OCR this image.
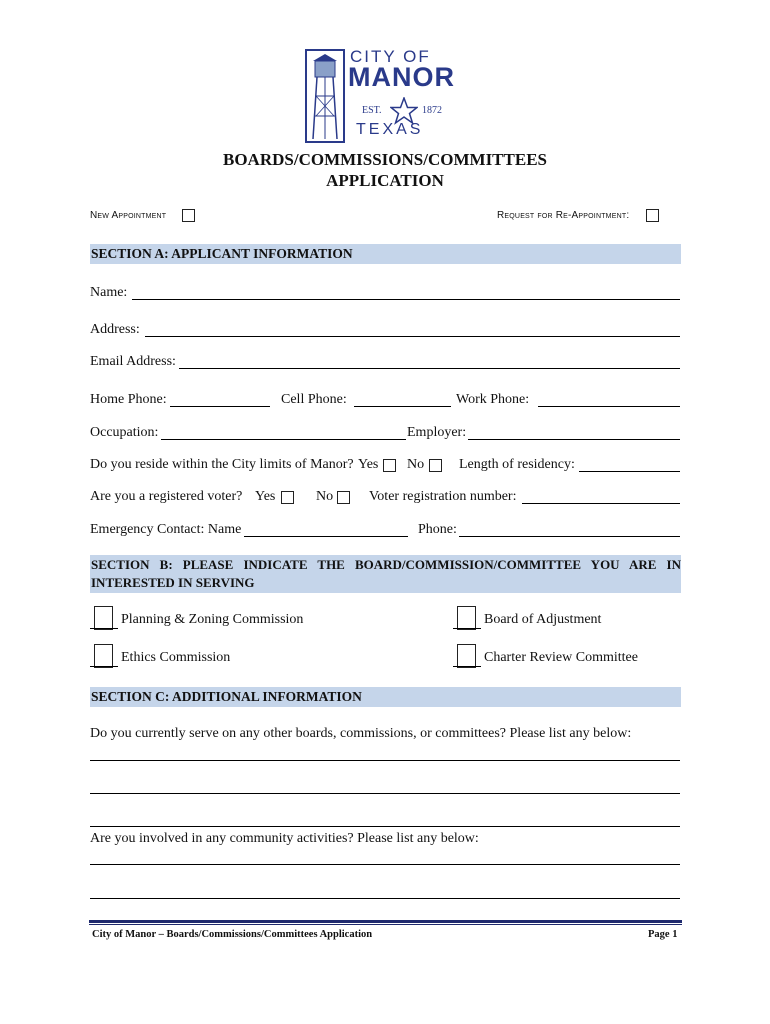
CITY OF
MANOR
EST.	1872
TEXAS
BOARDS/COMMISSIONS/COMMITTEES
APPLICATION
New Appointment	Request for Re-Appointment:
SECTION A: APPLICANT INFORMATION
Name:
Address:
Email Address:
Home Phone:	Cell Phone:	Work Phone:
Occupation:	Employer:
Do you reside within the City limits of Manor? Yes No Length of residency:
Are you a registered voter? Yes	No	Voter registration number:
Emergency Contact: Name	Phone:
SECTION B: PLEASE INDICATE THE BOARD/COMMISSION/COMMITTEE YOU ARE IN
INTERESTED IN SERVING
Planning & Zoning Commission	Board of Adjustment
Ethics Commission	Charter Review Committee
SECTION C: ADDITIONAL INFORMATION
Do you currently serve on any other boards, commissions, or committees? Please list any below:
Are you involved in any community activities? Please list any below:
City of Manor – Boards/Commissions/Committees Application	Page 1
